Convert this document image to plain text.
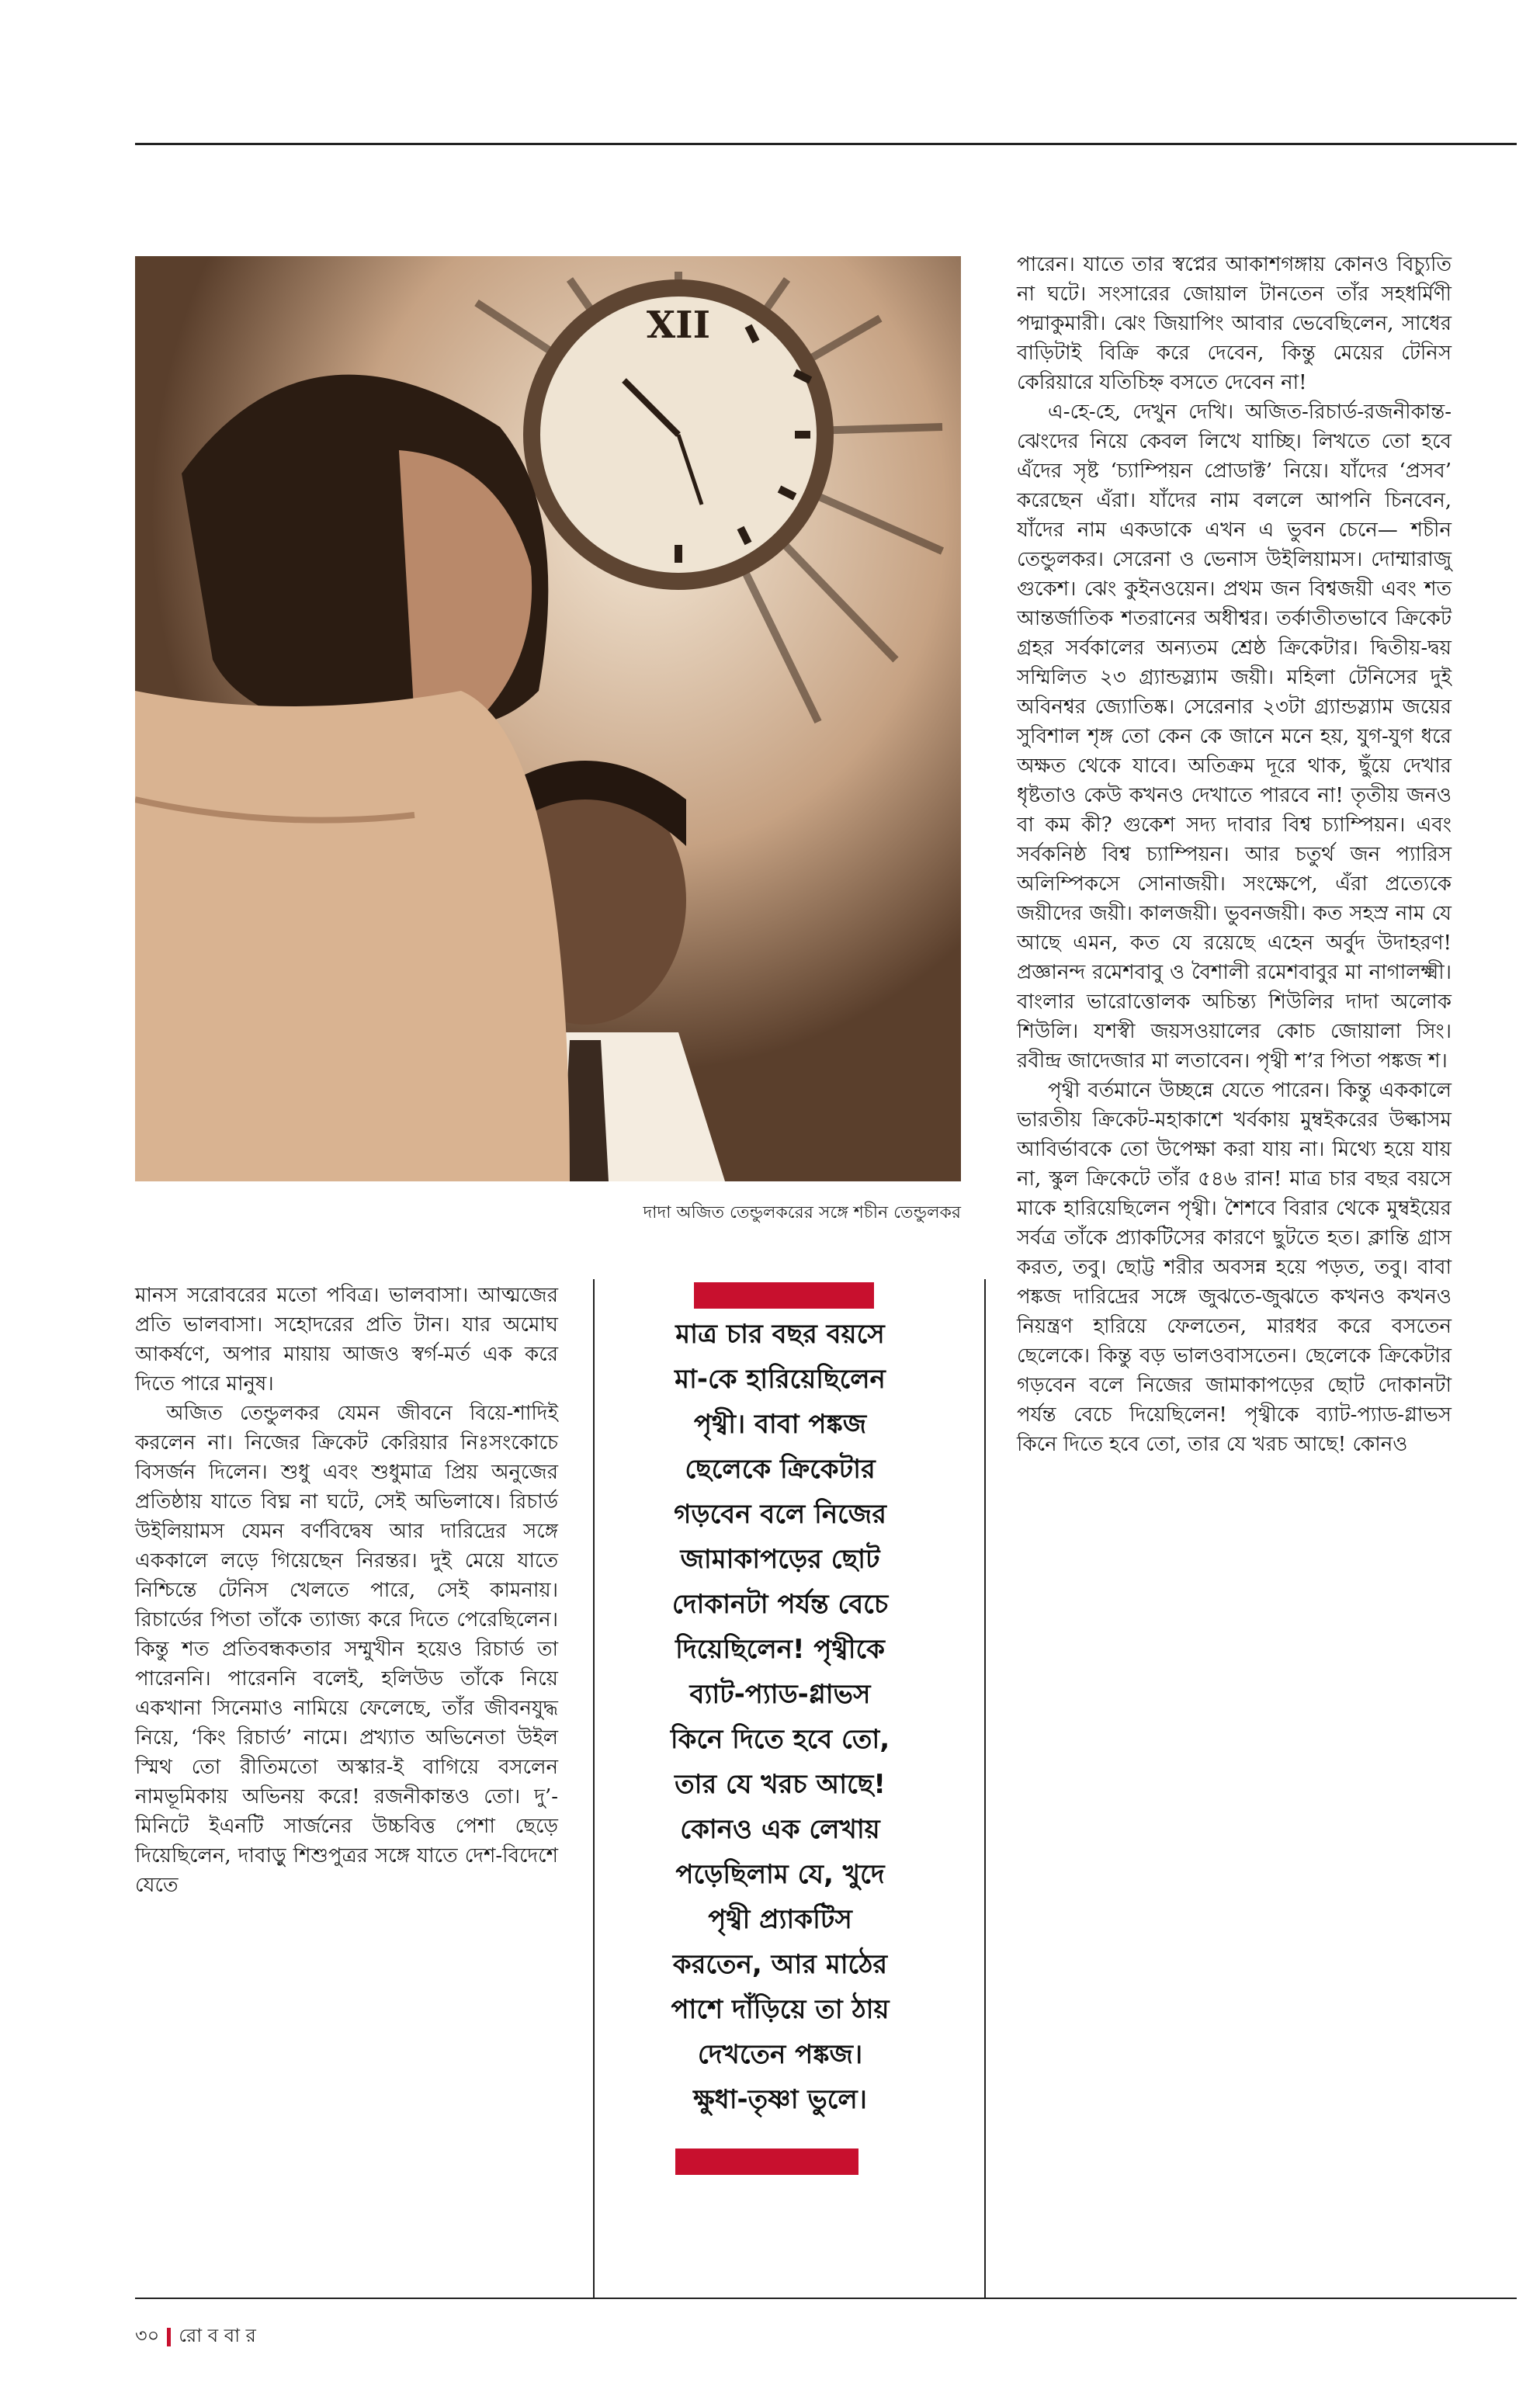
XII
দাদা অজিত তেন্ডুলকরের সঙ্গে শচীন তেন্ডুলকর

মানস সরোবরের মতো পবিত্র। ভালবাসা। আত্মজের প্রতি ভালবাসা। সহোদরের প্রতি টান। যার অমোঘ আকর্ষণে, অপার মায়ায় আজও স্বর্গ-মর্ত এক করে দিতে পারে মানুষ।

অজিত তেন্ডুলকর যেমন জীবনে বিয়ে-শাদিই করলেন না। নিজের ক্রিকেট কেরিয়ার নিঃসংকোচে বিসর্জন দিলেন। শুধু এবং শুধুমাত্র প্রিয় অনুজের প্রতিষ্ঠায় যাতে বিঘ্ন না ঘটে, সেই অভিলাষে। রিচার্ড উইলিয়ামস যেমন বর্ণবিদ্বেষ আর দারিদ্রের সঙ্গে এককালে লড়ে গিয়েছেন নিরন্তর। দুই মেয়ে যাতে নিশ্চিন্তে টেনিস খেলতে পারে, সেই কামনায়। রিচার্ডের পিতা তাঁকে ত্যাজ্য করে দিতে পেরেছিলেন। কিন্তু শত প্রতিবন্ধকতার সম্মুখীন হয়েও রিচার্ড তা পারেননি। পারেননি বলেই, হলিউড তাঁকে নিয়ে একখানা সিনেমাও নামিয়ে ফেলেছে, তাঁর জীবনযুদ্ধ নিয়ে, ‘কিং রিচার্ড’ নামে। প্রখ্যাত অভিনেতা উইল স্মিথ তো রীতিমতো অস্কার-ই বাগিয়ে বসলেন নামভূমিকায় অভিনয় করে! রজনীকান্তও তো। দু’-মিনিটে ইএনটি সার্জনের উচ্চবিত্ত পেশা ছেড়ে দিয়েছিলেন, দাবাড়ু শিশুপুত্রর সঙ্গে যাতে দেশ-বিদেশে যেতে

মাত্র চার বছর বয়সে

মা-কে হারিয়েছিলেন

পৃথ্বী। বাবা পঙ্কজ

ছেলেকে ক্রিকেটার

গড়বেন বলে নিজের

জামাকাপড়ের ছোট

দোকানটা পর্যন্ত বেচে

দিয়েছিলেন! পৃথ্বীকে

ব্যাট-প্যাড-গ্লাভস

কিনে দিতে হবে তো,

তার যে খরচ আছে!

কোনও এক লেখায়

পড়েছিলাম যে, খুদে

পৃথ্বী প্র্যাকটিস

করতেন, আর মাঠের

পাশে দাঁড়িয়ে তা ঠায়

দেখতেন পঙ্কজ।

ক্ষুধা-তৃষ্ণা ভুলে।

পারেন। যাতে তার স্বপ্নের আকাশগঙ্গায় কোনও বিচ্যুতি না ঘটে। সংসারের জোয়াল টানতেন তাঁর সহধর্মিণী পদ্মাকুমারী। ঝেং জিয়াপিং আবার ভেবেছিলেন, সাধের বাড়িটাই বিক্রি করে দেবেন, কিন্তু মেয়ের টেনিস কেরিয়ারে যতিচিহ্ন বসতে দেবেন না!

এ-হে-হে, দেখুন দেখি। অজিত-রিচার্ড-রজনীকান্ত-ঝেংদের নিয়ে কেবল লিখে যাচ্ছি। লিখতে তো হবে এঁদের সৃষ্ট ‘চ্যাম্পিয়ন প্রোডাক্ট’ নিয়ে। যাঁদের ‘প্রসব’ করেছেন এঁরা। যাঁদের নাম বললে আপনি চিনবেন, যাঁদের নাম একডাকে এখন এ ভুবন চেনে— শচীন তেন্ডুলকর। সেরেনা ও ভেনাস উইলিয়ামস। দোম্মারাজু গুকেশ। ঝেং কুইনওয়েন। প্রথম জন বিশ্বজয়ী এবং শত আন্তর্জাতিক শতরানের অধীশ্বর। তর্কাতীতভাবে ক্রিকেট গ্রহর সর্বকালের অন্যতম শ্রেষ্ঠ ক্রিকেটার। দ্বিতীয়-দ্বয় সম্মিলিত ২৩ গ্র্যান্ডস্ল্যাম জয়ী। মহিলা টেনিসের দুই অবিনশ্বর জ্যোতিষ্ক। সেরেনার ২৩টা গ্র্যান্ডস্ল্যাম জয়ের সুবিশাল শৃঙ্গ তো কেন কে জানে মনে হয়, যুগ-যুগ ধরে অক্ষত থেকে যাবে। অতিক্রম দূরে থাক, ছুঁয়ে দেখার ধৃষ্টতাও কেউ কখনও দেখাতে পারবে না! তৃতীয় জনও বা কম কী? গুকেশ সদ্য দাবার বিশ্ব চ্যাম্পিয়ন। এবং সর্বকনিষ্ঠ বিশ্ব চ্যাম্পিয়ন। আর চতুর্থ জন প্যারিস অলিম্পিকসে সোনাজয়ী। সংক্ষেপে, এঁরা প্রত্যেকে জয়ীদের জয়ী। কালজয়ী। ভুবনজয়ী। কত সহস্র নাম যে আছে এমন, কত যে রয়েছে এহেন অর্বুদ উদাহরণ! প্রজ্ঞানন্দ রমেশবাবু ও বৈশালী রমেশবাবুর মা নাগালক্ষ্মী। বাংলার ভারোত্তোলক অচিন্ত্য শিউলির দাদা অলোক শিউলি। যশস্বী জয়সওয়ালের কোচ জোয়ালা সিং। রবীন্দ্র জাদেজার মা লতাবেন। পৃথ্বী শ’র পিতা পঙ্কজ শ।

পৃথ্বী বর্তমানে উচ্ছন্নে যেতে পারেন। কিন্তু এককালে ভারতীয় ক্রিকেট-মহাকাশে খর্বকায় মুম্বইকরের উল্কাসম আবির্ভাবকে তো উপেক্ষা করা যায় না। মিথ্যে হয়ে যায় না, স্কুল ক্রিকেটে তাঁর ৫৪৬ রান! মাত্র চার বছর বয়সে মাকে হারিয়েছিলেন পৃথ্বী। শৈশবে বিরার থেকে মুম্বইয়ের সর্বত্র তাঁকে প্র্যাকটিসের কারণে ছুটতে হত। ক্লান্তি গ্রাস করত, তবু। ছোট্ট শরীর অবসন্ন হয়ে পড়ত, তবু। বাবা পঙ্কজ দারিদ্রের সঙ্গে জুঝতে-জুঝতে কখনও কখনও নিয়ন্ত্রণ হারিয়ে ফেলতেন, মারধর করে বসতেন ছেলেকে। কিন্তু বড় ভালওবাসতেন। ছেলেকে ক্রিকেটার গড়বেন বলে নিজের জামাকাপড়ের ছোট দোকানটা পর্যন্ত বেচে দিয়েছিলেন! পৃথ্বীকে ব্যাট-প্যাড-গ্লাভস কিনে দিতে হবে তো, তার যে খরচ আছে! কোনও

৩০ রো ব বা র
